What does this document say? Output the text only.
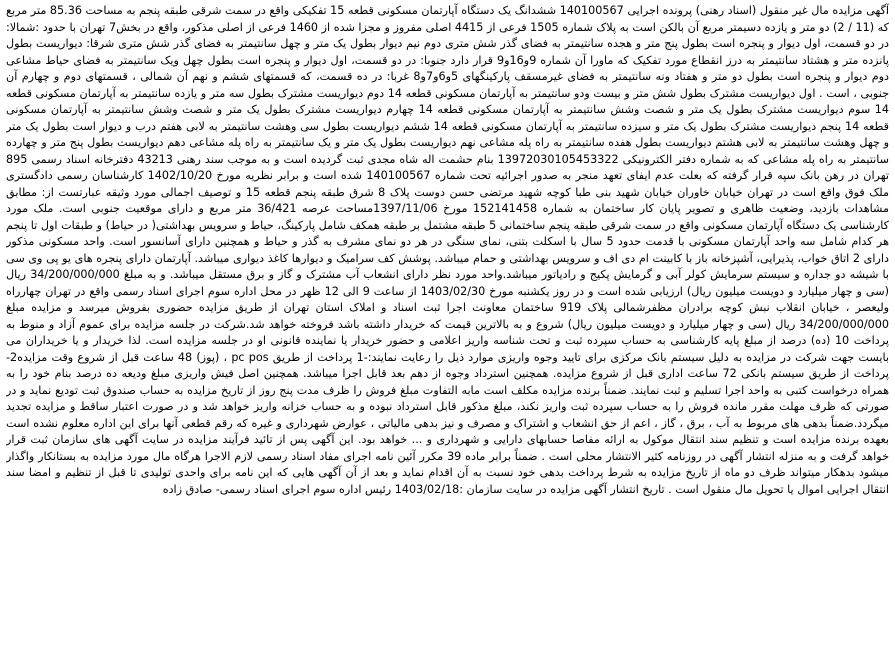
آگهی مزایده مال غیر منقول (اسناد رهنی) پرونده اجرایی 140100567 ششدانگ یک دستگاه آپارتمان مسکونی قطعه 15 تفکیکی واقع در سمت شرقی طبقه پنجم به مساحت 85.36 متر مربع که (11 / 2) دو متر و یازده دسیمتر مربع آن بالکن است به پلاک شماره 1505 فرعی از 4415 اصلی مفروز و مجزا شده از 1460 فرعی از اصلی مذکور، واقع در بخش7 تهران با حدود :شمالا: در دو قسمت، اول دیوار و پنجره است بطول پنج متر و هجده سانتیمتر به فضای گذر شش متری دوم نیم دیوار بطول یک متر و چهل سانتیمتر به فضای گذر شش متری شرقا: دیواریست بطول پانزده متر و هشتاد سانتیمتر به درز انقطاع مورد تفکیک که ماورا آن شماره 9و16و9 قرار دارد جنوبا: در دو قسمت، اول دیوار و پنجره است بطول چهل ویک سانتیمتر به فضای حیاط مشاعی دوم دیوار و پنجره است بطول دو متر و هفتاد ونه سانتیمتر به فضای غیرمسقف پارکینگهای 5و6و7و8 غربا: در ده قسمت، که قسمتهای ششم و نهم آن شمالی ، قسمتهای دوم و چهارم آن جنوبی ، است . اول دیواریست مشترک بطول شش متر و بیست ودو سانتیمتر به آپارتمان مسکونی قطعه 14 دوم دیواریست مشترک بطول سه متر و یازده سانتیمتر به آپارتمان مسکونی قطعه 14 سوم دیواریست مشترک بطول یک متر و شصت وشش سانتیمتر به آپارتمان مسکونی قطعه 14 چهارم دیواریست مشترک بطول یک متر و شصت وشش سانتیمتر به آپارتمان مسکونی قطعه 14 پنجم دیواریست مشترک بطول یک متر و سیزده سانتیمتر به آپارتمان مسکونی قطعه 14 ششم دیواریست بطول سی وهشت سانتیمتر به لابی هفتم درب و دیوار است بطول یک متر و چهل وهشت سانتیمتر به لابی هشتم دیواریست بطول هفده سانتیمتر به راه پله مشاعی نهم دیواریست بطول یک متر و یک سانتیمتر به راه پله مشاعی دهم دیواریست بطول پنج متر و چهارده سانتیمتر به راه پله مشاعی که به شماره دفتر الکترونیکی 13972030105453322 بنام حشمت اله شاه مجدی ثبت گردیده است و به موجب سند رهنی 43213 دفترخانه اسناد رسمی 895 تهران در رهن بانک سپه قرار گرفته که بعلت عدم ایفای تعهد منجر به صدور اجرائیه تحت شماره 140100567 شده است و برابر نظریه مورخ 1402/10/20 کارشناسان رسمی دادگستری ملک فوق واقع است در تهران خیابان خاوران خیابان شهید بنی طبا کوچه شهید مرتضی حسن دوست پلاک 8 شرق طبقه پنجم قطعه 15 و توصیف اجمالی مورد وثیقه عبارتست از: مطابق مشاهدات بازدید، وضعیت ظاهری و تصویر پایان کار ساختمان به شماره 152141458 مورخ 1397/11/06مساحت عرصه 36/421 متر مربع و دارای موقعیت جنوبی است. ملک مورد کارشناسی یک دستگاه آپارتمان مسکونی واقع در سمت شرقی طبقه پنجم ساختمانی 5 طبقه مشتمل بر طبقه همکف شامل پارکینگ، حیاط و سرویس بهداشتی( در حیاط) و طبقات اول تا پنجم هر کدام شامل سه واحد آپارتمان مسکونی با قدمت حدود 5 سال با اسکلت بتنی، نمای سنگی در هر دو نمای مشرف به گذر و حیاط و همچنین دارای آسانسور است. واحد مسکونی مذکور دارای 2 اتاق خواب، پذیرایی، آشپزخانه باز با کابینت ام دی اف و سرویس بهداشتی و حمام میباشد. پوشش کف سرامیک و دیوارها کاغذ دیواری میباشد. آپارتمان دارای پنجره های یو پی وی سی با شیشه دو جداره و سیستم سرمایش کولر آبی و گرمایش پکیج و رادیاتور میباشد.واحد مورد نظر دارای انشعاب آب مشترک و گاز و برق مستقل میباشد. و به مبلغ 34/200/000/000 ریال (سی و چهار میلیارد و دویست میلیون ریال) ارزیابی شده است و در روز یکشنبه مورخ 1403/02/30 از ساعت 9 الی 12 ظهر در محل اداره سوم اجرای اسناد رسمی واقع در تهران چهارراه ولیعصر ، خیابان انقلاب نبش کوچه برادران مظفرشمالی پلاک 919 ساختمان معاونت اجرا ثبت اسناد و املاک استان تهران از طریق مزایده حضوری بفروش میرسد و مزایده مبلغ 34/200/000/000 ریال (سی و چهار میلیارد و دویست میلیون ریال) شروع و به بالاترین قیمت که خریدار داشته باشد فروخته خواهد شد.شرکت در جلسه مزایده برای عموم آزاد و منوط به پرداخت 10 (ده) درصد از مبلغ پایه کارشناسی به حساب سپرده ثبت و تحت شناسه واریز اعلامی و حضور خریدار یا نماینده قانونی او در جلسه مزایده است. لذا خریدار و یا خریداران می بایست جهت شرکت در مزایده به دلیل سیستم بانک مرکزی برای تایید وجوه واریزی موارد ذیل را رعایت نمایند:-1 پرداخت از طریق pc pos ، (پوز) 48 ساعت قبل از شروع وقت مزایده2- پرداخت از طریق سیستم بانکی 72 ساعت اداری قبل از شروع مزایده. همچنین استرداد وجوه از دهم بعد قابل اجرا میباشد. همچنین اصل فیش واریزی مبلغ ودیعه ده درصد بنام خود را به همراه درخواست کتبی به واحد اجرا تسلیم و ثبت نمایند. ضمناً برنده مزایده مکلف است مابه التفاوت مبلغ فروش را ظرف مدت پنج روز از تاریخ مزایده به حساب صندوق ثبت تودیع نماید و در صورتی که ظرف مهلت مقرر مانده فروش را به حساب سپرده ثبت واریز نکند، مبلغ مذکور قابل استرداد نبوده و به حساب خزانه واریز خواهد شد و در صورت اعتبار ساقط و مزایده تجدید میگردد.ضمناً بدهی های مربوط به آب ، برق ، گاز ، اعم از حق انشعاب و اشتراک و مصرف و نیز بدهی مالیاتی ، عوارض شهرداری و غیره که رقم قطعی آنها برای این اداره معلوم نشده است بعهده برنده مزایده است و تنظیم سند انتقال موکول به ارائه مفاصا حسابهای دارایی و شهرداری و ... خواهد بود. این آگهی پس از تائید فرآیند مزایده در سایت آگهی های سازمان ثبت قرار خواهد گرفت و به منزله انتشار آگهی در روزنامه کثیر الانتشار محلی است . ضمناً برابر ماده 39 مکرر آئین نامه اجرای مفاد اسناد رسمی لازم الاجرا هرگاه مال مورد مزایده به بستانکار واگذار میشود بدهکار میتواند ظرف دو ماه از تاریخ مزایده به شرط پرداخت بدهی خود نسبت به آن اقدام نماید و بعد از آن آگهی هایی که این نامه برای واحدی تولیدی تا قبل از تنظیم و امضا سند انتقال اجرایی اموال یا تحویل مال منقول است . تاریخ انتشار آگهی مزایده در سایت سازمان :1403/02/18 رئیس اداره سوم اجرای اسناد رسمی- صادق زاده
